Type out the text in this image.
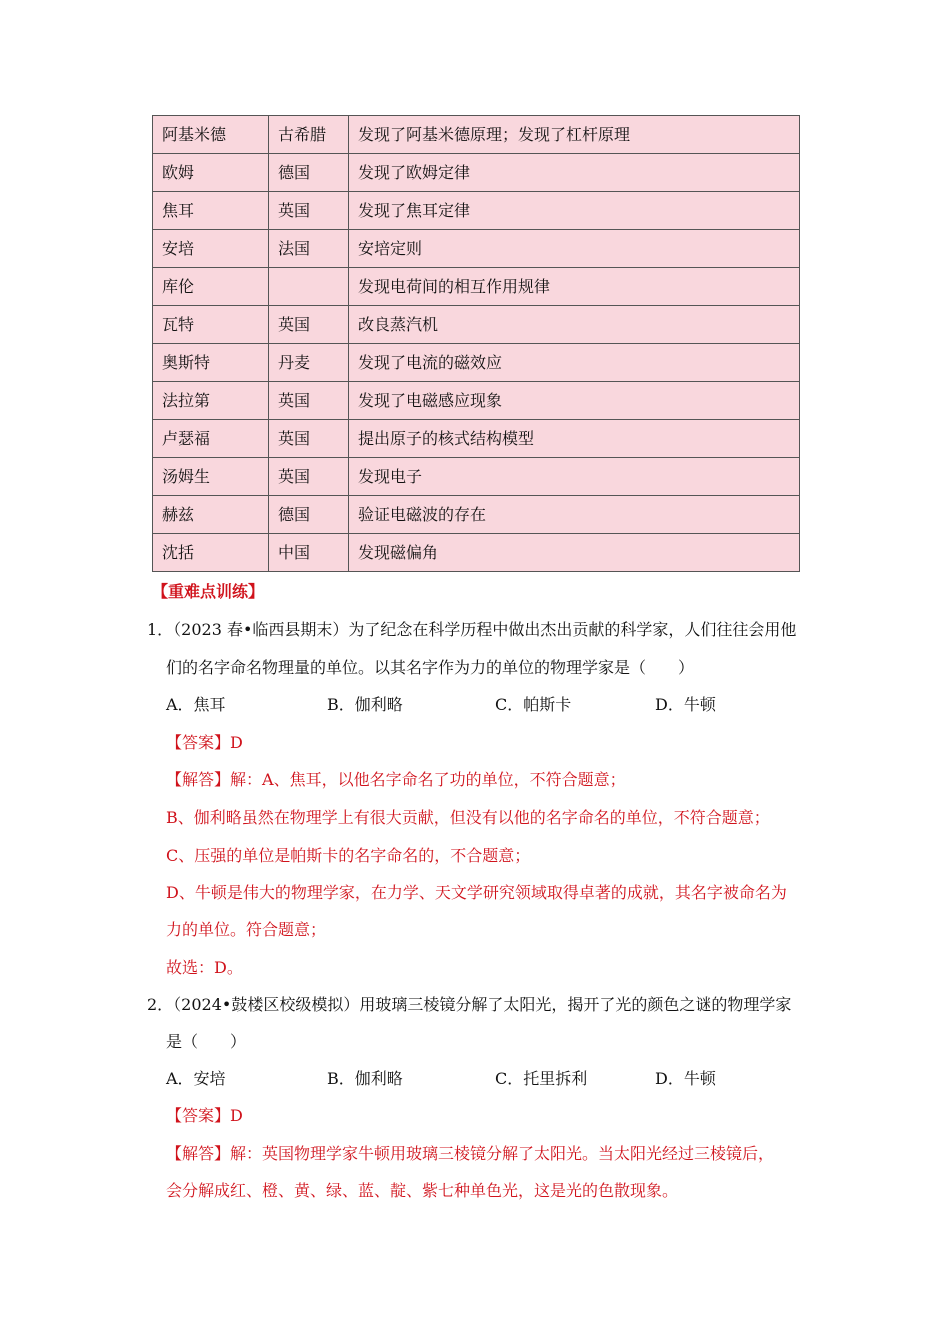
阿基米德	古希腊	发现了阿基米德原理；发现了杠杆原理
欧姆	德国	发现了欧姆定律
焦耳	英国	发现了焦耳定律
安培	法国	安培定则
库伦		发现电荷间的相互作用规律
瓦特	英国	改良蒸汽机
奥斯特	丹麦	发现了电流的磁效应
法拉第	英国	发现了电磁感应现象
卢瑟福	英国	提出原子的核式结构模型
汤姆生	英国	发现电子
赫兹	德国	验证电磁波的存在
沈括	中国	发现磁偏角
【重难点训练】
1．（2023 春•临西县期末）为了纪念在科学历程中做出杰出贡献的科学家，人们往往会用他
们的名字命名物理量的单位。以其名字作为力的单位的物理学家是（　　）
A．焦耳	B．伽利略	C．帕斯卡	D．牛顿
【答案】D
【解答】解：A、焦耳，以他名字命名了功的单位，不符合题意；
B、伽利略虽然在物理学上有很大贡献，但没有以他的名字命名的单位，不符合题意；
C、压强的单位是帕斯卡的名字命名的，不合题意；
D、牛顿是伟大的物理学家，在力学、天文学研究领域取得卓著的成就，其名字被命名为
力的单位。符合题意；
故选：D。
2．（2024•鼓楼区校级模拟）用玻璃三棱镜分解了太阳光，揭开了光的颜色之谜的物理学家
是（　　）
A．安培	B．伽利略	C．托里拆利	D．牛顿
【答案】D
【解答】解：英国物理学家牛顿用玻璃三棱镜分解了太阳光。当太阳光经过三棱镜后，
会分解成红、橙、黄、绿、蓝、靛、紫七种单色光，这是光的色散现象。
